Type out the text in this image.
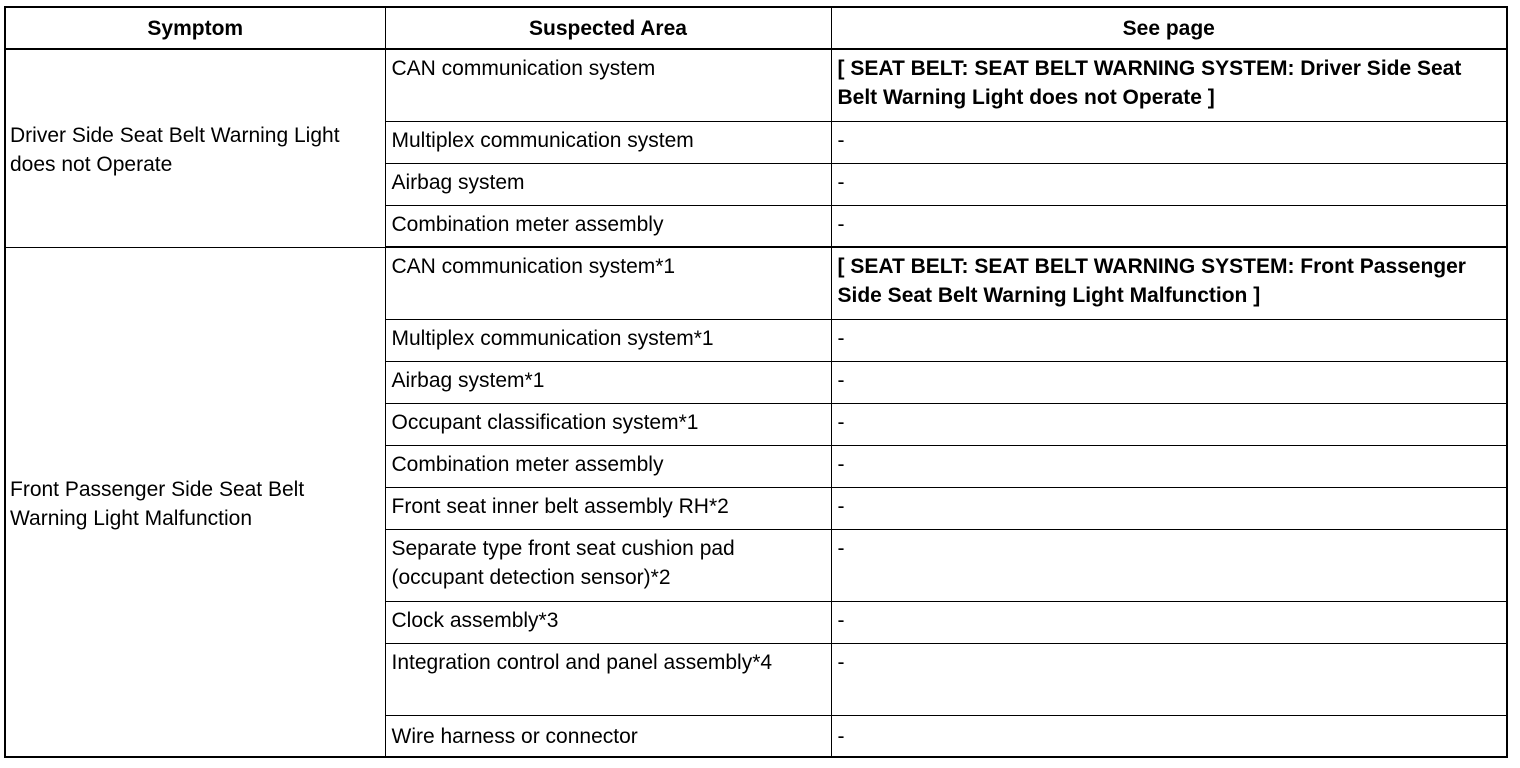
Symptom	Suspected Area	See page
Driver Side Seat Belt Warning Light does not Operate	CAN communication system	[ SEAT BELT: SEAT BELT WARNING SYSTEM: Driver Side Seat Belt Warning Light does not Operate ]
	Multiplex communication system	-
	Airbag system	-
	Combination meter assembly	-
Front Passenger Side Seat Belt Warning Light Malfunction	CAN communication system*1	[ SEAT BELT: SEAT BELT WARNING SYSTEM: Front Passenger Side Seat Belt Warning Light Malfunction ]
	Multiplex communication system*1	-
	Airbag system*1	-
	Occupant classification system*1	-
	Combination meter assembly	-
	Front seat inner belt assembly RH*2	-
	Separate type front seat cushion pad (occupant detection sensor)*2	-
	Clock assembly*3	-
	Integration control and panel assembly*4	-
	Wire harness or connector	-
